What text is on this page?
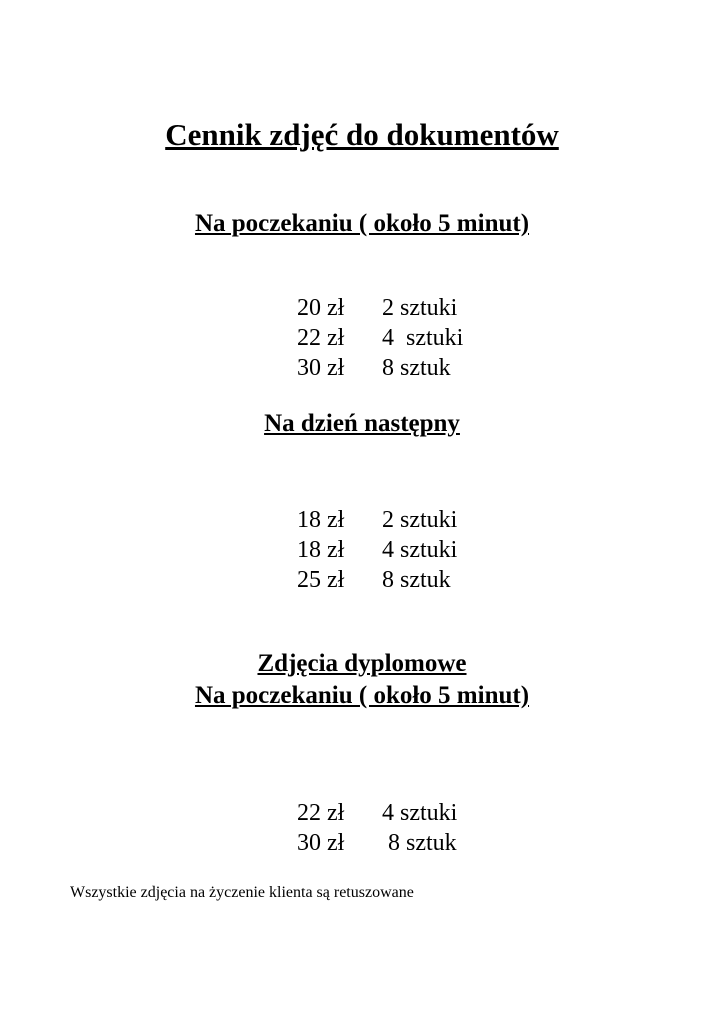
Cennik zdjęć do dokumentów
Na poczekaniu ( około 5 minut)

20 zł 2 sztuki

22 zł 4  sztuki

30 zł 8 sztuk

Na dzień następny

18 zł 2 sztuki

18 zł 4 sztuki

25 zł 8 sztuk

Zdjęcia dyplomowe
Na poczekaniu ( około 5 minut)

22 zł 4 sztuki

30 zł 8 sztuk

Wszystkie zdjęcia na życzenie klienta są retuszowane
